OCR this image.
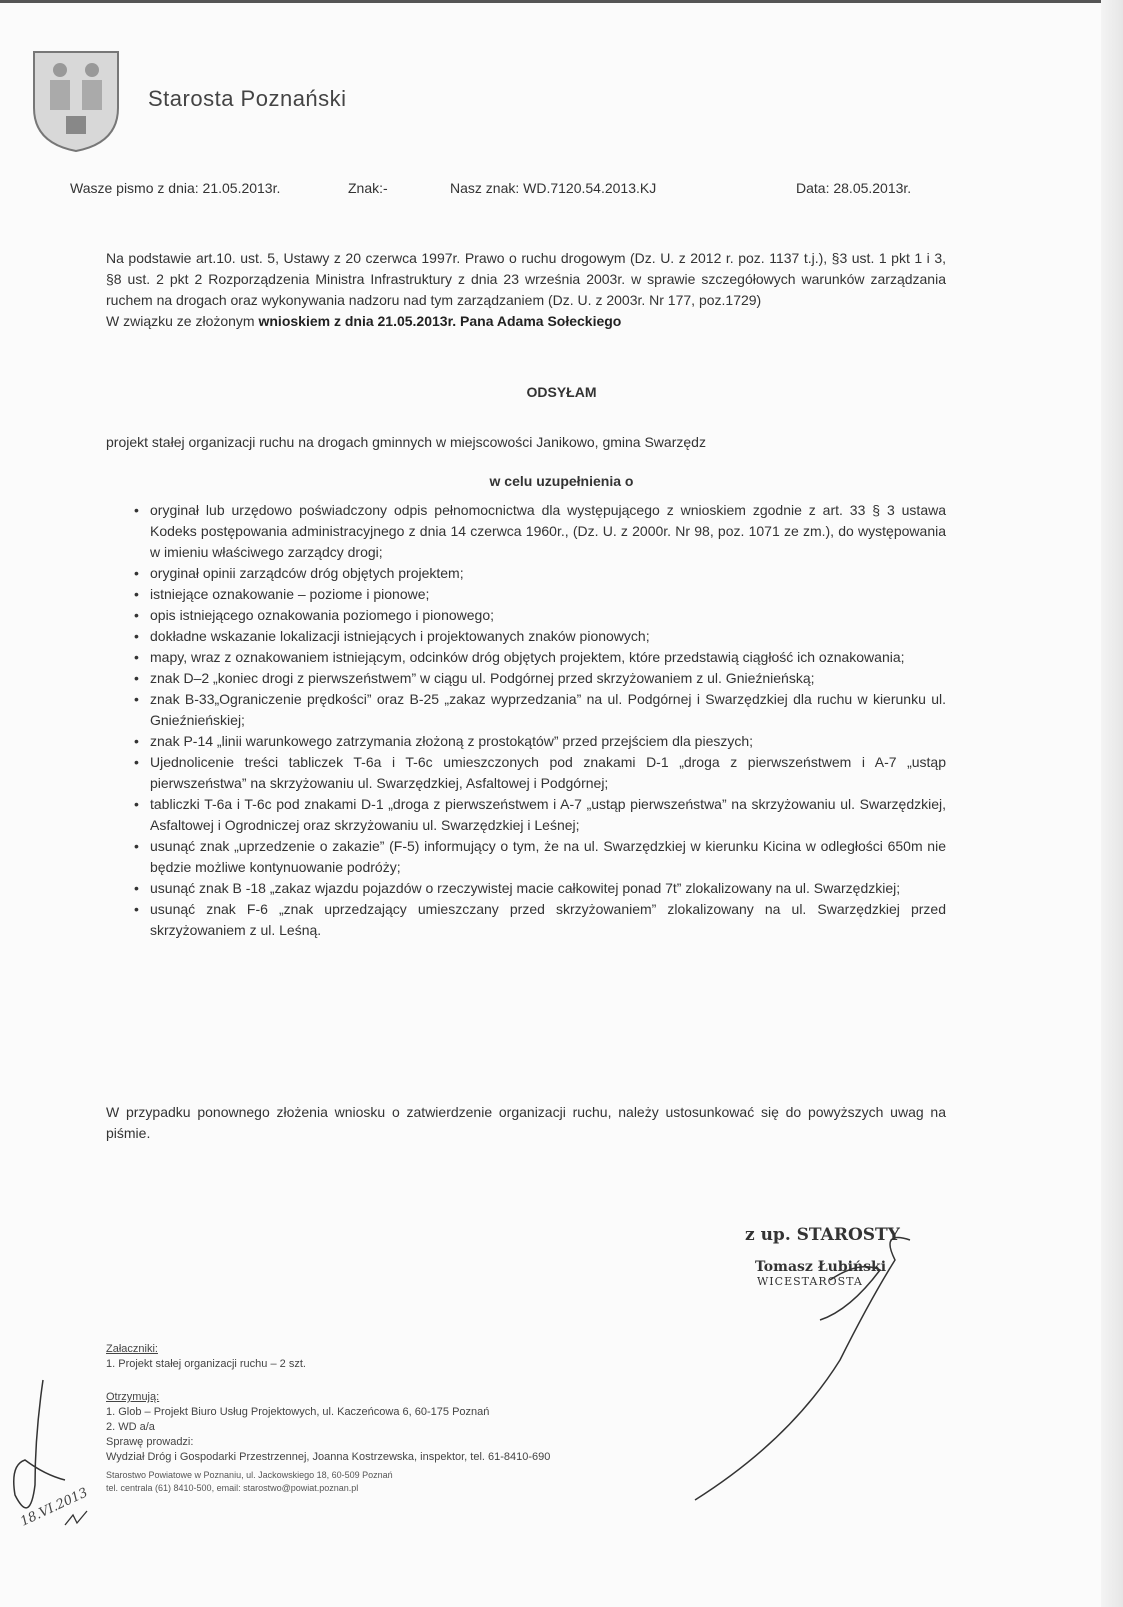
Starosta Poznański
Wasze pismo z dnia: 21.05.2013r.	Znak:-	Nasz znak: WD.7120.54.2013.KJ	Data: 28.05.2013r.

Na podstawie art.10. ust. 5, Ustawy z 20 czerwca 1997r. Prawo o ruchu drogowym (Dz. U. z 2012 r. poz. 1137 t.j.), §3 ust. 1 pkt 1 i 3, §8 ust. 2 pkt 2 Rozporządzenia Ministra Infrastruktury z dnia 23 września 2003r. w sprawie szczegółowych warunków zarządzania ruchem na drogach oraz wykonywania nadzoru nad tym zarządzaniem (Dz. U. z 2003r. Nr 177, poz.1729)

W związku ze złożonym wnioskiem z dnia 21.05.2013r. Pana Adama Sołeckiego

ODSYŁAM
projekt stałej organizacji ruchu na drogach gminnych w miejscowości Janikowo, gmina Swarzędz
w celu uzupełnienia o
• oryginał lub urzędowo poświadczony odpis pełnomocnictwa dla występującego z wnioskiem zgodnie z art. 33 § 3 ustawa Kodeks postępowania administracyjnego z dnia 14 czerwca 1960r., (Dz. U. z 2000r. Nr 98, poz. 1071 ze zm.), do występowania w imieniu właściwego zarządcy drogi;
• oryginał opinii zarządców dróg objętych projektem;
• istniejące oznakowanie – poziome i pionowe;
• opis istniejącego oznakowania poziomego i pionowego;
• dokładne wskazanie lokalizacji istniejących i projektowanych znaków pionowych;
• mapy, wraz z oznakowaniem istniejącym, odcinków dróg objętych projektem, które przedstawią ciągłość ich oznakowania;
• znak D–2 „koniec drogi z pierwszeństwem” w ciągu ul. Podgórnej przed skrzyżowaniem z ul. Gnieźnieńską;
• znak B-33„Ograniczenie prędkości” oraz B-25 „zakaz wyprzedzania” na ul. Podgórnej i Swarzędzkiej dla ruchu w kierunku ul. Gnieźnieńskiej;
• znak P-14 „linii warunkowego zatrzymania złożoną z prostokątów” przed przejściem dla pieszych;
• Ujednolicenie treści tabliczek T-6a i T-6c umieszczonych pod znakami D-1 „droga z pierwszeństwem i A-7 „ustąp pierwszeństwa” na skrzyżowaniu ul. Swarzędzkiej, Asfaltowej i Podgórnej;
• tabliczki T-6a i T-6c pod znakami D-1 „droga z pierwszeństwem i A-7 „ustąp pierwszeństwa” na skrzyżowaniu ul. Swarzędzkiej, Asfaltowej i Ogrodniczej oraz skrzyżowaniu ul. Swarzędzkiej i Leśnej;
• usunąć znak „uprzedzenie o zakazie” (F-5) informujący o tym, że na ul. Swarzędzkiej w kierunku Kicina w odległości 650m nie będzie możliwe kontynuowanie podróży;
• usunąć znak B -18 „zakaz wjazdu pojazdów o rzeczywistej macie całkowitej ponad 7t” zlokalizowany na ul. Swarzędzkiej;
• usunąć znak F-6 „znak uprzedzający umieszczany przed skrzyżowaniem” zlokalizowany na ul. Swarzędzkiej przed skrzyżowaniem z ul. Leśną.
W przypadku ponownego złożenia wniosku o zatwierdzenie organizacji ruchu, należy ustosunkować się do powyższych uwag na piśmie.
z up. STAROSTY
Tomasz Łubiński
WICESTAROSTA
Załaczniki:
1. Projekt stałej organizacji ruchu – 2 szt.
Otrzymują:
1. Glob – Projekt Biuro Usług Projektowych, ul. Kaczeńcowa 6, 60-175 Poznań
2. WD a/a
Sprawę prowadzi:
Wydział Dróg i Gospodarki Przestrzennej, Joanna Kostrzewska, inspektor, tel. 61-8410-690
Starostwo Powiatowe w Poznaniu, ul. Jackowskiego 18, 60-509 Poznań
tel. centrala (61) 8410-500, email: starostwo@powiat.poznan.pl
18.VI.2013
